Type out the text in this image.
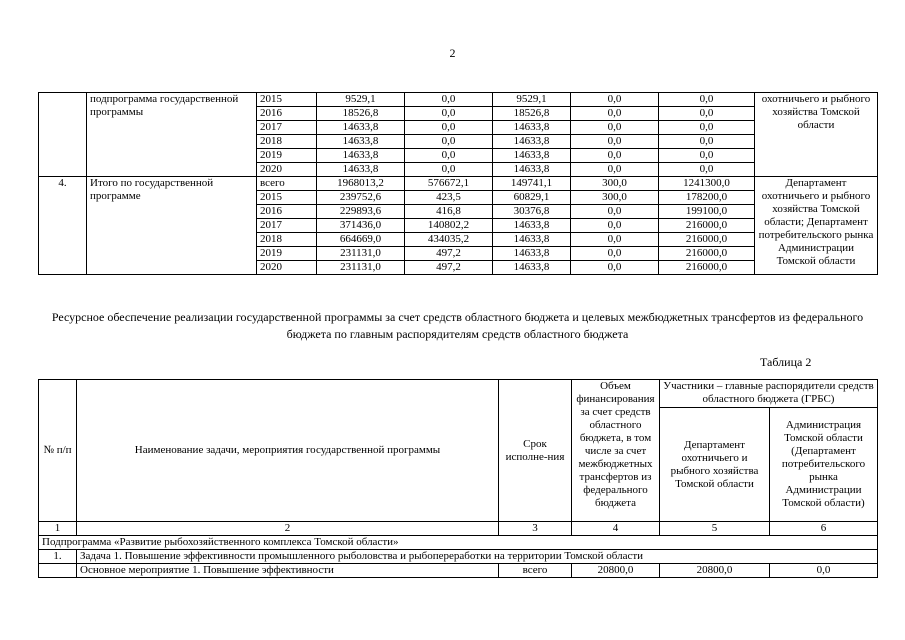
2
	подпрограмма государственной программы	2015	9529,1	0,0	9529,1	0,0	0,0	охотничьего и рыбного хозяйства Томской области
		2016	18526,8	0,0	18526,8	0,0	0,0	
		2017	14633,8	0,0	14633,8	0,0	0,0	
		2018	14633,8	0,0	14633,8	0,0	0,0	
		2019	14633,8	0,0	14633,8	0,0	0,0	
		2020	14633,8	0,0	14633,8	0,0	0,0	
4.	Итого по государственной программе	всего	1968013,2	576672,1	149741,1	300,0	1241300,0	Департамент охотничьего и рыбного хозяйства Томской области; Департамент потребительского рынка Администрации Томской области
		2015	239752,6	423,5	60829,1	300,0	178200,0	
		2016	229893,6	416,8	30376,8	0,0	199100,0	
		2017	371436,0	140802,2	14633,8	0,0	216000,0	
		2018	664669,0	434035,2	14633,8	0,0	216000,0	
		2019	231131,0	497,2	14633,8	0,0	216000,0	
		2020	231131,0	497,2	14633,8	0,0	216000,0	
Ресурсное обеспечение реализации государственной программы за счет средств областного бюджета и целевых межбюджетных трансфертов из федерального бюджета по главным распорядителям средств областного бюджета
Таблица 2
№ п/п	Наименование задачи, мероприятия государственной программы	Срок исполне-ния	Объем финансирования за счет средств областного бюджета, в том числе за счет межбюджетных трансфертов из федерального бюджета	Участники – главные распорядители средств областного бюджета (ГРБС)	
				Департамент охотничьего и рыбного хозяйства Томской области	Администрация Томской области (Департамент потребительского рынка Администрации Томской области)
1	2	3	4	5	6
Подпрограмма «Развитие рыбохозяйственного комплекса Томской области»					
1.	Задача 1. Повышение эффективности промышленного рыболовства и рыбопереработки на территории Томской области				
	Основное мероприятие 1. Повышение эффективности	всего	20800,0	20800,0	0,0
